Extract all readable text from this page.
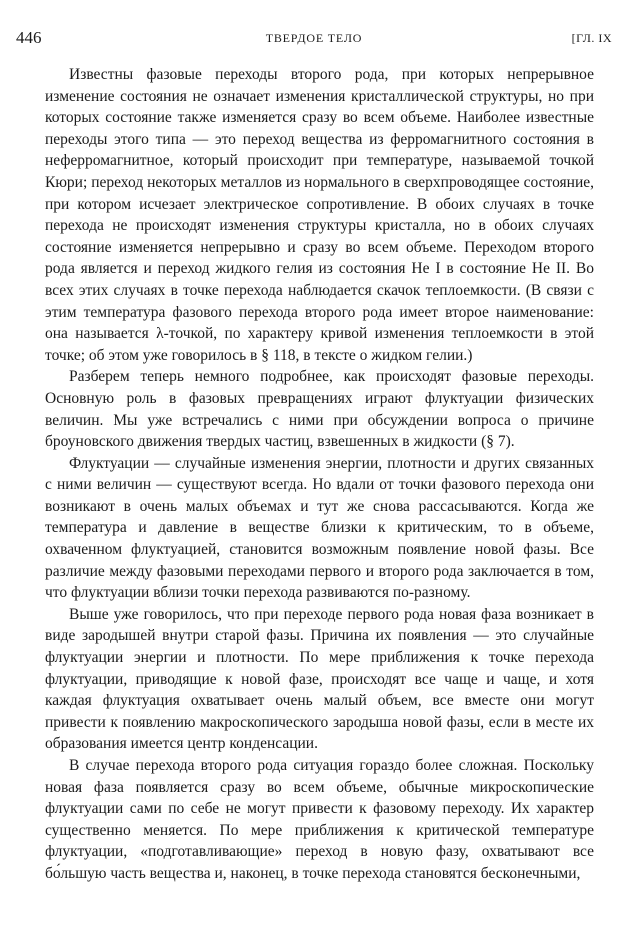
446	ТВЕРДОЕ ТЕЛО	[ГЛ. IX

Известны фазовые переходы второго рода, при которых непрерывное изменение состояния не означает изменения кристаллической структуры, но при которых состояние также изменяется сразу во всем объеме. Наиболее известные переходы этого типа — это переход вещества из ферромагнитного состояния в неферромагнитное, который происходит при температуре, называемой точкой Кюри; переход некоторых металлов из нормального в сверхпроводящее состояние, при котором исчезает электрическое сопротивление. В обоих случаях в точке перехода не происходят изменения структуры кристалла, но в обоих случаях состояние изменяется непрерывно и сразу во всем объеме. Переходом второго рода является и переход жидкого гелия из состояния He I в состояние He II. Во всех этих случаях в точке перехода наблюдается скачок теплоемкости. (В связи с этим температура фазового перехода второго рода имеет второе наименование: она называется λ-точкой, по характеру кривой изменения теплоемкости в этой точке; об этом уже говорилось в § 118, в тексте о жидком гелии.)

Разберем теперь немного подробнее, как происходят фазовые переходы. Основную роль в фазовых превращениях играют флуктуации физических величин. Мы уже встречались с ними при обсуждении вопроса о причине броуновского движения твердых частиц, взвешенных в жидкости (§ 7).

Флуктуации — случайные изменения энергии, плотности и других связанных с ними величин — существуют всегда. Но вдали от точки фазового перехода они возникают в очень малых объемах и тут же снова рассасываются. Когда же температура и давление в веществе близки к критическим, то в объеме, охваченном флуктуацией, становится возможным появление новой фазы. Все различие между фазовыми переходами первого и второго рода заключается в том, что флуктуации вблизи точки перехода развиваются по-разному.

Выше уже говорилось, что при переходе первого рода новая фаза возникает в виде зародышей внутри старой фазы. Причина их появления — это случайные флуктуации энергии и плотности. По мере приближения к точке перехода флуктуации, приводящие к новой фазе, происходят все чаще и чаще, и хотя каждая флуктуация охватывает очень малый объем, все вместе они могут привести к появлению макроскопического зародыша новой фазы, если в месте их образования имеется центр конденсации.

В случае перехода второго рода ситуация гораздо более сложная. Поскольку новая фаза появляется сразу во всем объеме, обычные микроскопические флуктуации сами по себе не могут привести к фазовому переходу. Их характер существенно меняется. По мере приближения к критической температуре флуктуации, «подготавливающие» переход в новую фазу, охватывают все бо́льшую часть вещества и, наконец, в точке перехода становятся бесконечными,
